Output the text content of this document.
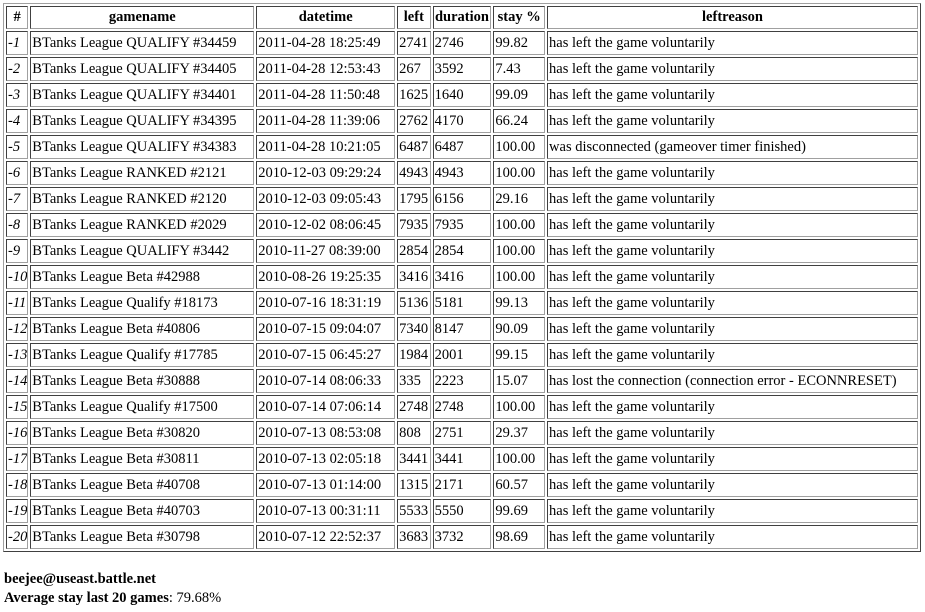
#	gamename	datetime	left	duration	stay %	leftreason
-1	BTanks League QUALIFY #34459	2011-04-28 18:25:49	2741	2746	99.82	has left the game voluntarily
-2	BTanks League QUALIFY #34405	2011-04-28 12:53:43	267	3592	7.43	has left the game voluntarily
-3	BTanks League QUALIFY #34401	2011-04-28 11:50:48	1625	1640	99.09	has left the game voluntarily
-4	BTanks League QUALIFY #34395	2011-04-28 11:39:06	2762	4170	66.24	has left the game voluntarily
-5	BTanks League QUALIFY #34383	2011-04-28 10:21:05	6487	6487	100.00	was disconnected (gameover timer finished)
-6	BTanks League RANKED #2121	2010-12-03 09:29:24	4943	4943	100.00	has left the game voluntarily
-7	BTanks League RANKED #2120	2010-12-03 09:05:43	1795	6156	29.16	has left the game voluntarily
-8	BTanks League RANKED #2029	2010-12-02 08:06:45	7935	7935	100.00	has left the game voluntarily
-9	BTanks League QUALIFY #3442	2010-11-27 08:39:00	2854	2854	100.00	has left the game voluntarily
-10	BTanks League Beta #42988	2010-08-26 19:25:35	3416	3416	100.00	has left the game voluntarily
-11	BTanks League Qualify #18173	2010-07-16 18:31:19	5136	5181	99.13	has left the game voluntarily
-12	BTanks League Beta #40806	2010-07-15 09:04:07	7340	8147	90.09	has left the game voluntarily
-13	BTanks League Qualify #17785	2010-07-15 06:45:27	1984	2001	99.15	has left the game voluntarily
-14	BTanks League Beta #30888	2010-07-14 08:06:33	335	2223	15.07	has lost the connection (connection error - ECONNRESET)
-15	BTanks League Qualify #17500	2010-07-14 07:06:14	2748	2748	100.00	has left the game voluntarily
-16	BTanks League Beta #30820	2010-07-13 08:53:08	808	2751	29.37	has left the game voluntarily
-17	BTanks League Beta #30811	2010-07-13 02:05:18	3441	3441	100.00	has left the game voluntarily
-18	BTanks League Beta #40708	2010-07-13 01:14:00	1315	2171	60.57	has left the game voluntarily
-19	BTanks League Beta #40703	2010-07-13 00:31:11	5533	5550	99.69	has left the game voluntarily
-20	BTanks League Beta #30798	2010-07-12 22:52:37	3683	3732	98.69	has left the game voluntarily
beejee@useast.battle.net
Average stay last 20 games: 79.68%
